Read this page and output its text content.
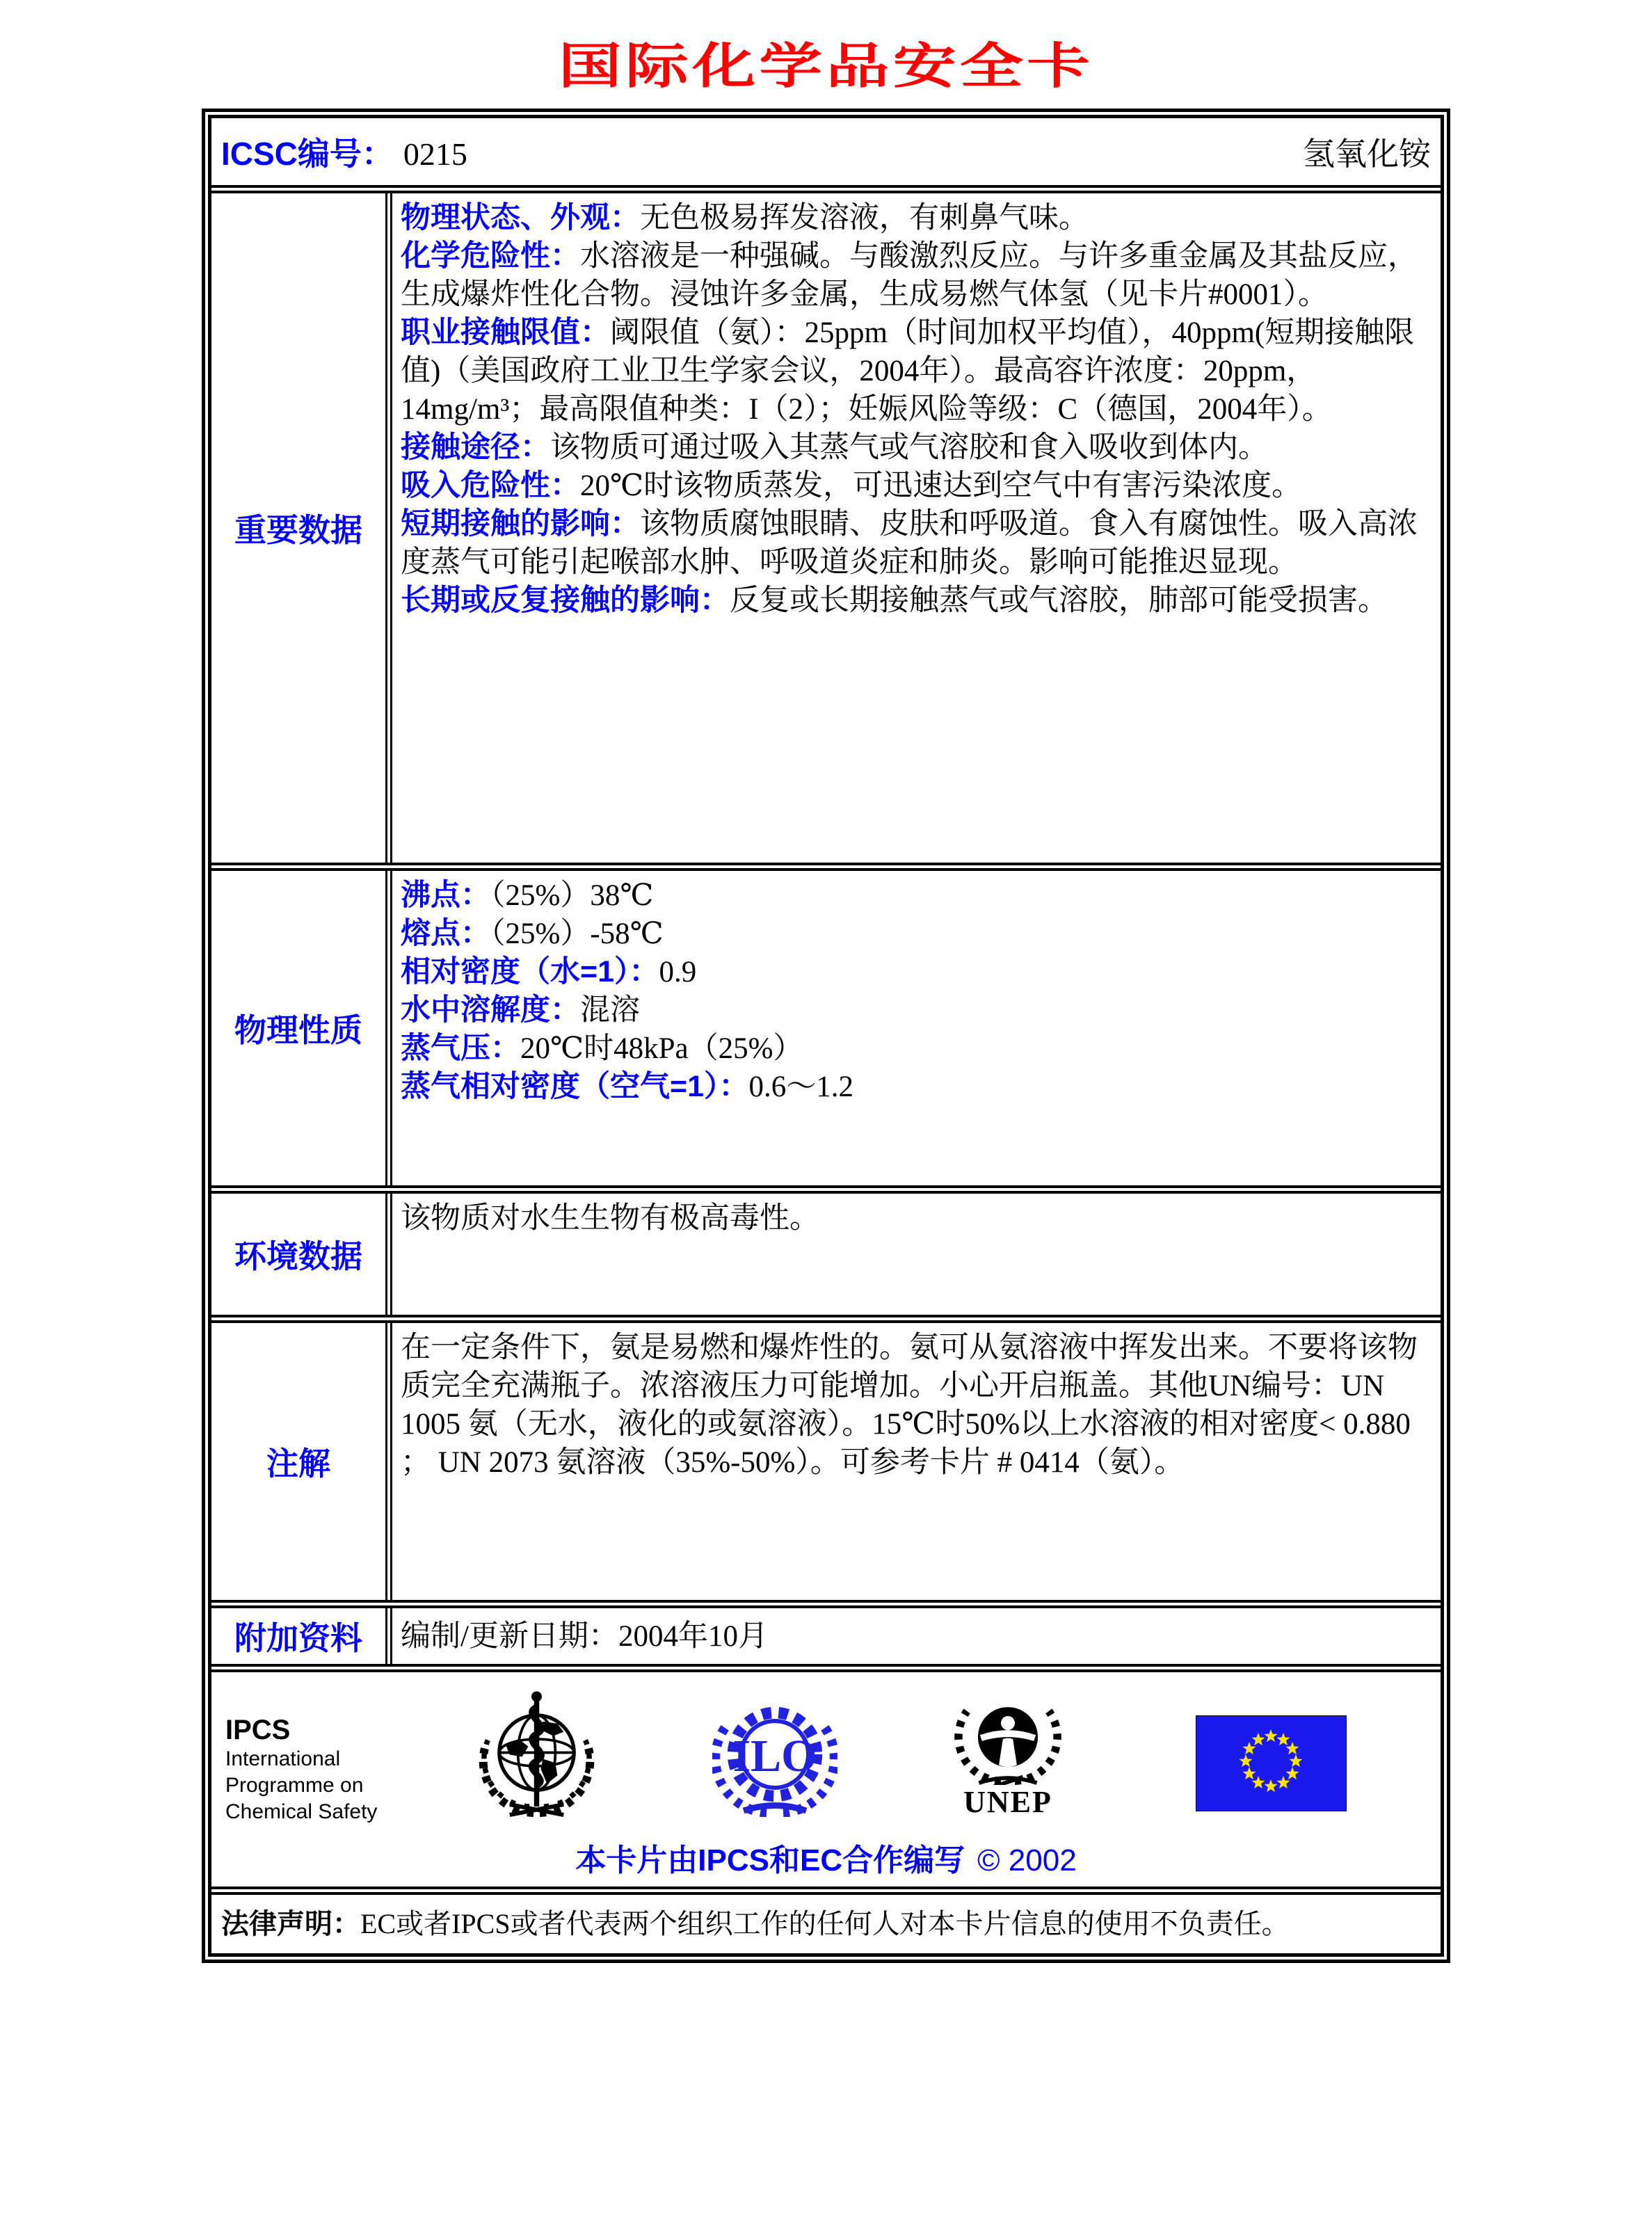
国际化学品安全卡
ICSC编号： 0215	氢氧化铵
重要数据
物理状态、外观：无色极易挥发溶液，有刺鼻气味。
化学危险性：水溶液是一种强碱。与酸激烈反应。与许多重金属及其盐反应，生成爆炸性化合物。浸蚀许多金属，生成易燃气体氢（见卡片#0001）。
职业接触限值：阈限值（氨）：25ppm（时间加权平均值），40ppm(短期接触限值)（美国政府工业卫生学家会议，2004年）。最高容许浓度：20ppm，14mg/m³；最高限值种类：I（2）；妊娠风险等级：C（德国，2004年）。
接触途径：该物质可通过吸入其蒸气或气溶胶和食入吸收到体内。
吸入危险性：20℃时该物质蒸发，可迅速达到空气中有害污染浓度。
短期接触的影响：该物质腐蚀眼睛、皮肤和呼吸道。食入有腐蚀性。吸入高浓度蒸气可能引起喉部水肿、呼吸道炎症和肺炎。影响可能推迟显现。
长期或反复接触的影响：反复或长期接触蒸气或气溶胶，肺部可能受损害。
物理性质
沸点：（25%）38℃
熔点：（25%）-58℃
相对密度（水=1）：0.9
水中溶解度：混溶
蒸气压：20℃时48kPa（25%）
蒸气相对密度（空气=1）：0.6～1.2
环境数据
该物质对水生生物有极高毒性。
注解
在一定条件下，氨是易燃和爆炸性的。氨可从氨溶液中挥发出来。不要将该物质完全充满瓶子。浓溶液压力可能增加。小心开启瓶盖。其他UN编号：UN 1005 氨（无水，液化的或氨溶液）。15℃时50%以上水溶液的相对密度< 0.880 ； UN 2073 氨溶液（35%-50%）。可参考卡片 # 0414（氨）。
附加资料	编制/更新日期：2004年10月
IPCS
International
Programme on
Chemical Safety
ILO
UNEP
本卡片由IPCS和EC合作编写 © 2002
法律声明： EC或者IPCS或者代表两个组织工作的任何人对本卡片信息的使用不负责任。
